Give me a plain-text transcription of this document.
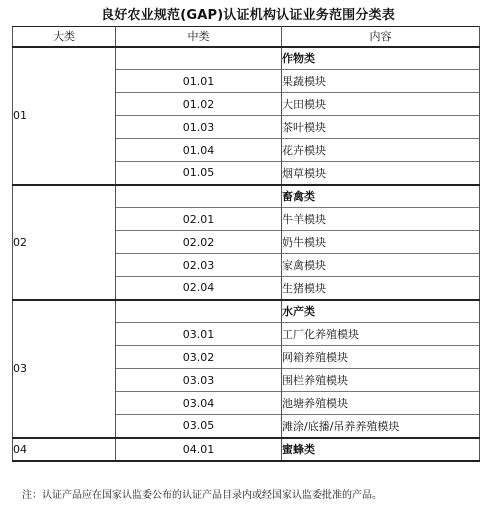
良好农业规范(GAP)认证机构认证业务范围分类表
大类	中类	内容
01		作物类
	01.01	果蔬模块
	01.02	大田模块
	01.03	茶叶模块
	01.04	花卉模块
	01.05	烟草模块
02		畜禽类
	02.01	牛羊模块
	02.02	奶牛模块
	02.03	家禽模块
	02.04	生猪模块
03		水产类
	03.01	工厂化养殖模块
	03.02	网箱养殖模块
	03.03	围栏养殖模块
	03.04	池塘养殖模块
	03.05	滩涂/底播/吊养养殖模块
04	04.01	蜜蜂类
注：认证产品应在国家认监委公布的认证产品目录内或经国家认监委批准的产品。
